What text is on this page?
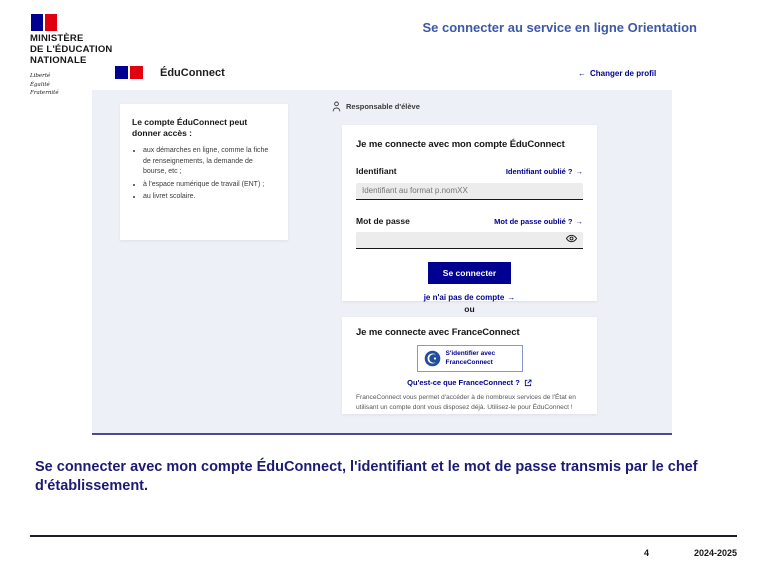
MINISTÈRE
DE L'ÉDUCATION
NATIONALE
Liberté
Égalité
Fraternité
Se connecter au service en ligne Orientation
ÉduConnect	← Changer de profil
Le compte ÉduConnect peut donner accès :
• aux démarches en ligne, comme la fiche de renseignements, la demande de bourse, etc ;
• à l'espace numérique de travail (ENT) ;
• au livret scolaire.
Responsable d'élève
Je me connecte avec mon compte ÉduConnect
Identifiant	Identifiant oublié ? →
Identifiant au format p.nomXX
Mot de passe	Mot de passe oublié ? →
Se connecter
je n'ai pas de compte →
ou
Je me connecte avec FranceConnect
S'identifier avec
FranceConnect
Qu'est-ce que FranceConnect ?
FranceConnect vous permet d'accéder à de nombreux services de l'État en utilisant un compte dont vous disposez déjà. Utilisez-le pour ÉduConnect !
Se connecter avec mon compte ÉduConnect, l'identifiant et le mot de passe transmis par le chef d'établissement.
4	2024-2025
